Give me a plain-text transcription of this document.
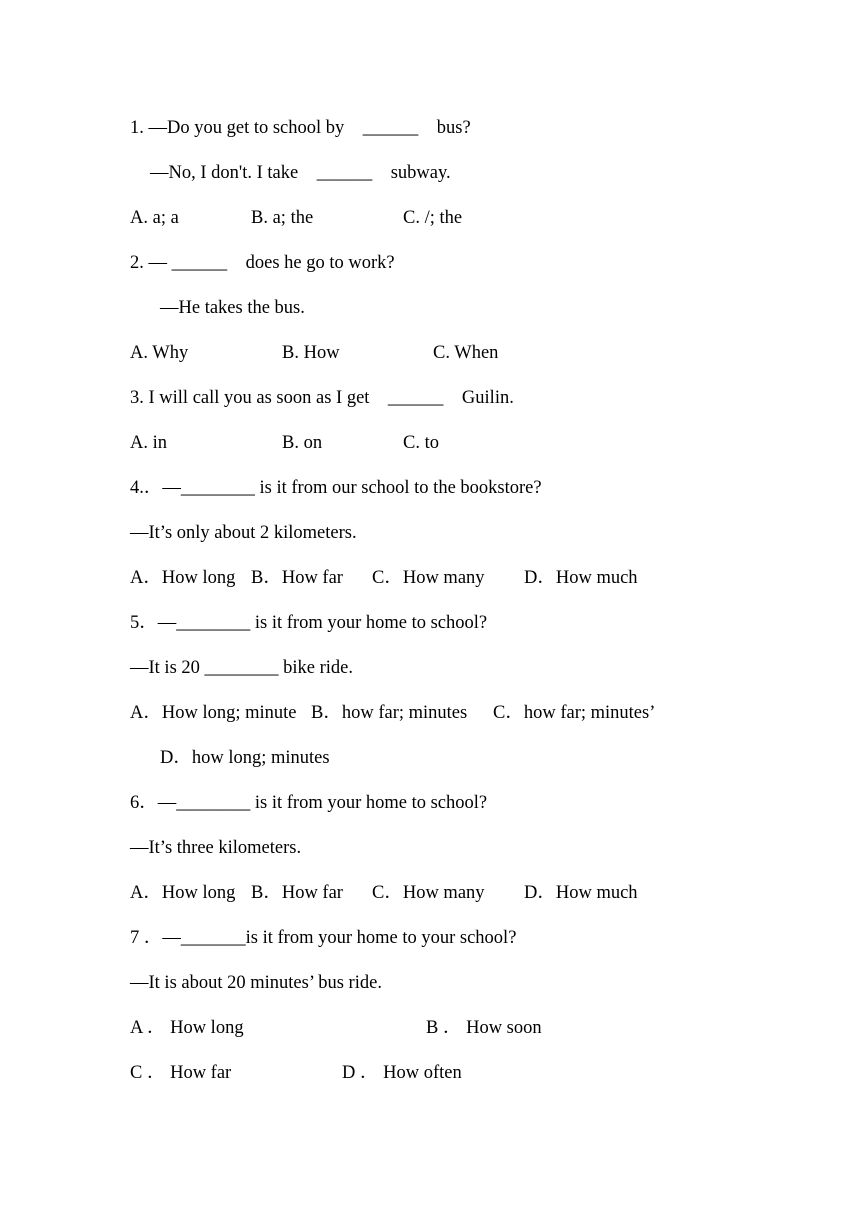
1. —Do you get to school by    ______    bus?
—No, I don't. I take    ______    subway.
A. a; a	B. a; the	C. /; the
2. — ______    does he go to work?
—He takes the bus.
A. Why	B. How	C. When
3. I will call you as soon as I get    ______    Guilin.
A. in	B. on	C. to
4.．—________ is it from our school to the bookstore?
—It’s only about 2 kilometers.
A．How long B．How far C．How many D．How much
5．—________ is it from your home to school?
—It is 20 ________ bike ride.
A．How long; minute B．how far; minutes C．how far; minutes’
D．how long; minutes
6．—________ is it from your home to school?
—It’s three kilometers.
A．How long B．How far C．How many D．How much
7 ．—_______is it from your home to your school?
—It is about 20 minutes’ bus ride.
A ． How long	B ． How soon
C ． How far	D ． How often
